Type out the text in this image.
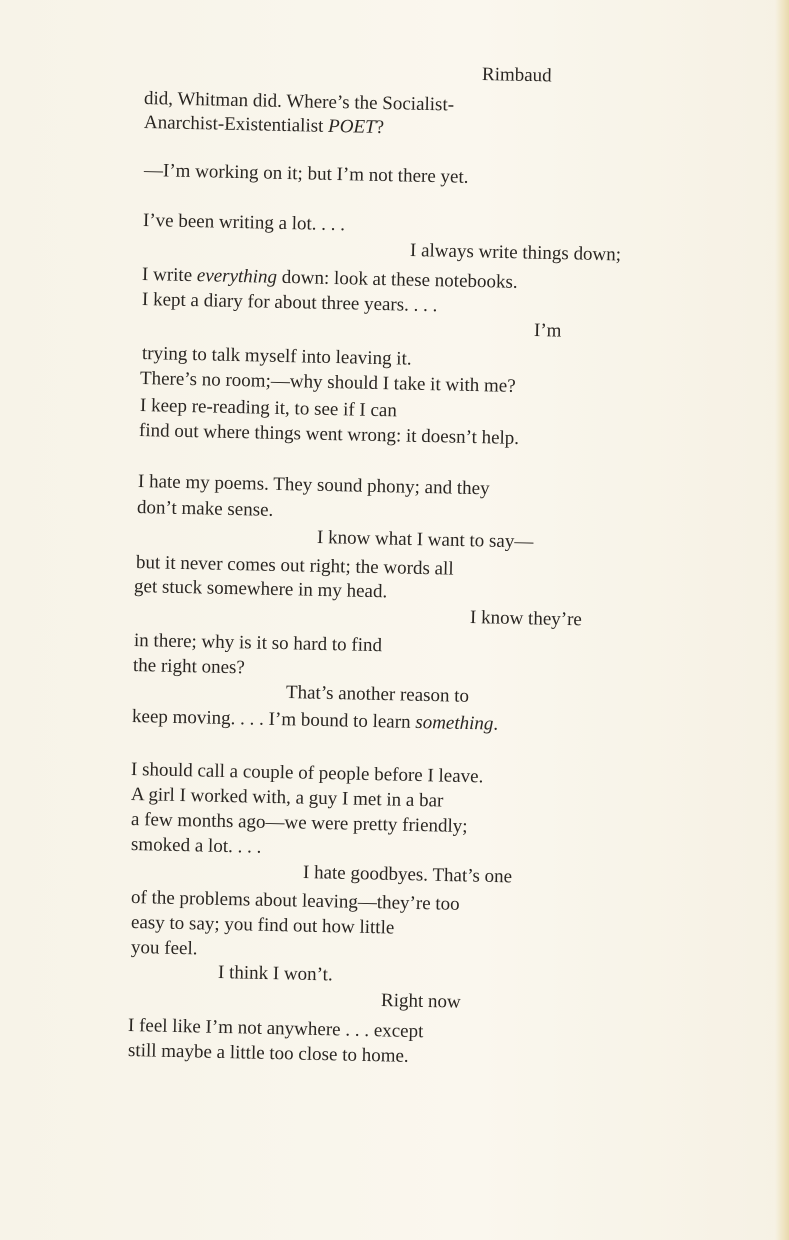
Rimbaud
did, Whitman did. Where’s the Socialist-
Anarchist-Existentialist POET?
—I’m working on it; but I’m not there yet.
I’ve been writing a lot. . . .
I always write things down;
I write everything down: look at these notebooks.
I kept a diary for about three years. . . .
I’m
trying to talk myself into leaving it.
There’s no room;—why should I take it with me?
I keep re-reading it, to see if I can
find out where things went wrong: it doesn’t help.
I hate my poems. They sound phony; and they
don’t make sense.
I know what I want to say—
but it never comes out right; the words all
get stuck somewhere in my head.
I know they’re
in there; why is it so hard to find
the right ones?
That’s another reason to
keep moving. . . . I’m bound to learn something.
I should call a couple of people before I leave.
A girl I worked with, a guy I met in a bar
a few months ago—we were pretty friendly;
smoked a lot. . . .
I hate goodbyes. That’s one
of the problems about leaving—they’re too
easy to say; you find out how little
you feel.
I think I won’t.
Right now
I feel like I’m not anywhere . . . except
still maybe a little too close to home.
